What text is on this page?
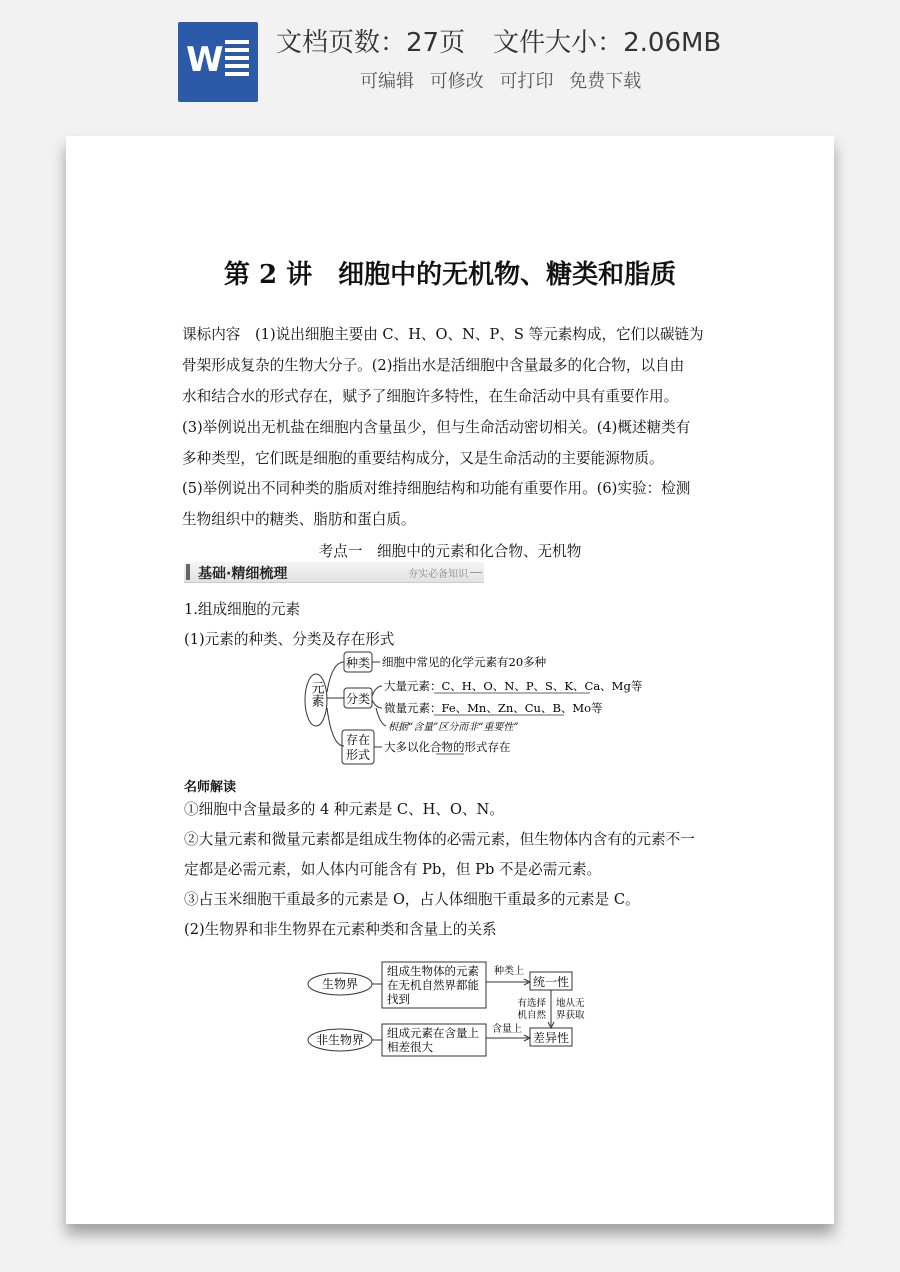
W 文档页数：27页 文件大小：2.06MB
可编辑 可修改 可打印 免费下载
第 2 讲　细胞中的无机物、糖类和脂质
课标内容　(1)说出细胞主要由 C、H、O、N、P、S 等元素构成，它们以碳链为
骨架形成复杂的生物大分子。(2)指出水是活细胞中含量最多的化合物，以自由
水和结合水的形式存在，赋予了细胞许多特性，在生命活动中具有重要作用。
(3)举例说出无机盐在细胞内含量虽少，但与生命活动密切相关。(4)概述糖类有
多种类型，它们既是细胞的重要结构成分，又是生命活动的主要能源物质。
(5)举例说出不同种类的脂质对维持细胞结构和功能有重要作用。(6)实验：检测
生物组织中的糖类、脂肪和蛋白质。
考点一　细胞中的元素和化合物、无机物
基础·精细梳理	夯实必备知识
1.组成细胞的元素
(1)元素的种类、分类及存在形式
元素
种类
分类
存在
形式
细胞中常见的化学元素有20多种
大量元素：C、H、O、N、P、S、K、Ca、Mg等
微量元素：Fe、Mn、Zn、Cu、B、Mo等
根据“含量”区分而非“重要性”
大多以化合物的形式存在
名师解读
①细胞中含量最多的 4 种元素是 C、H、O、N。
②大量元素和微量元素都是组成生物体的必需元素，但生物体内含有的元素不一
定都是必需元素，如人体内可能含有 Pb，但 Pb 不是必需元素。
③占玉米细胞干重最多的元素是 O，占人体细胞干重最多的元素是 C。
(2)生物界和非生物界在元素种类和含量上的关系
生物界
非生物界
组成生物体的元素
在无机自然界都能
找到
组成元素在含量上
相差很大
种类上
统一性
含量上
差异性
有选择
机自然
地从无
界获取
